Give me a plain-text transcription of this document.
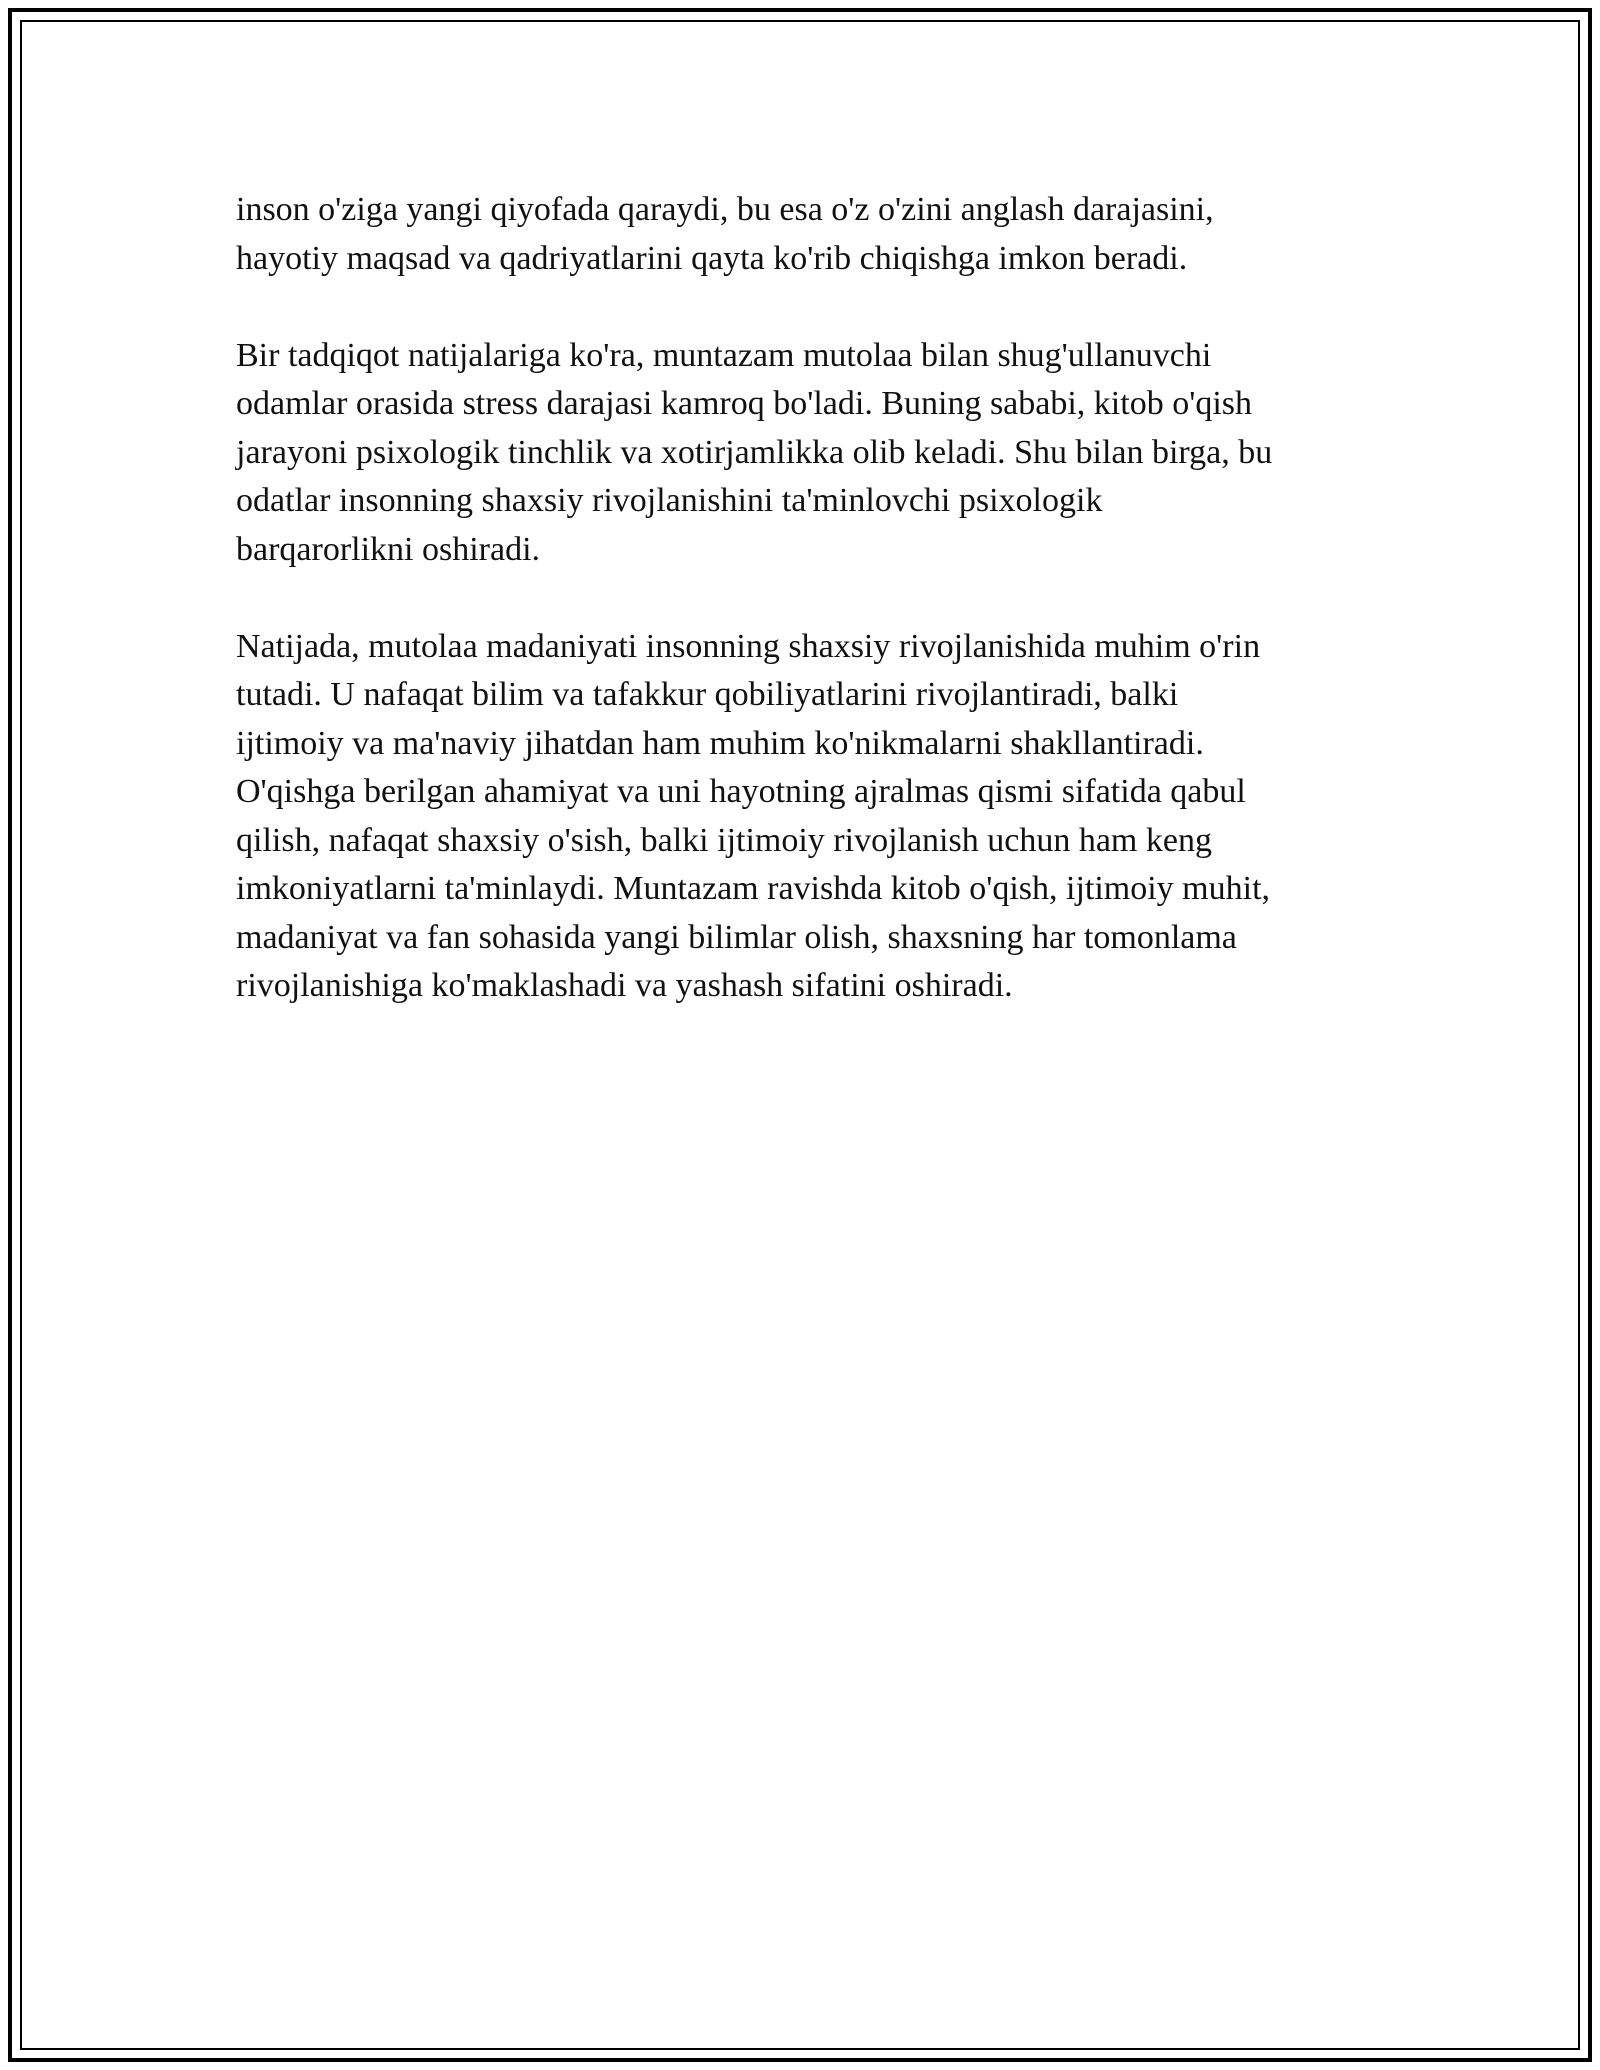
inson o'ziga yangi qiyofada qaraydi, bu esa o'z o'zini anglash darajasini,
hayotiy maqsad va qadriyatlarini qayta ko'rib chiqishga imkon beradi.

Bir tadqiqot natijalariga ko'ra, muntazam mutolaa bilan shug'ullanuvchi
odamlar orasida stress darajasi kamroq bo'ladi. Buning sababi, kitob o'qish
jarayoni psixologik tinchlik va xotirjamlikka olib keladi. Shu bilan birga, bu
odatlar insonning shaxsiy rivojlanishini ta'minlovchi psixologik
barqarorlikni oshiradi.

Natijada, mutolaa madaniyati insonning shaxsiy rivojlanishida muhim o'rin
tutadi. U nafaqat bilim va tafakkur qobiliyatlarini rivojlantiradi, balki
ijtimoiy va ma'naviy jihatdan ham muhim ko'nikmalarni shakllantiradi.
O'qishga berilgan ahamiyat va uni hayotning ajralmas qismi sifatida qabul
qilish, nafaqat shaxsiy o'sish, balki ijtimoiy rivojlanish uchun ham keng
imkoniyatlarni ta'minlaydi. Muntazam ravishda kitob o'qish, ijtimoiy muhit,
madaniyat va fan sohasida yangi bilimlar olish, shaxsning har tomonlama
rivojlanishiga ko'maklashadi va yashash sifatini oshiradi.
